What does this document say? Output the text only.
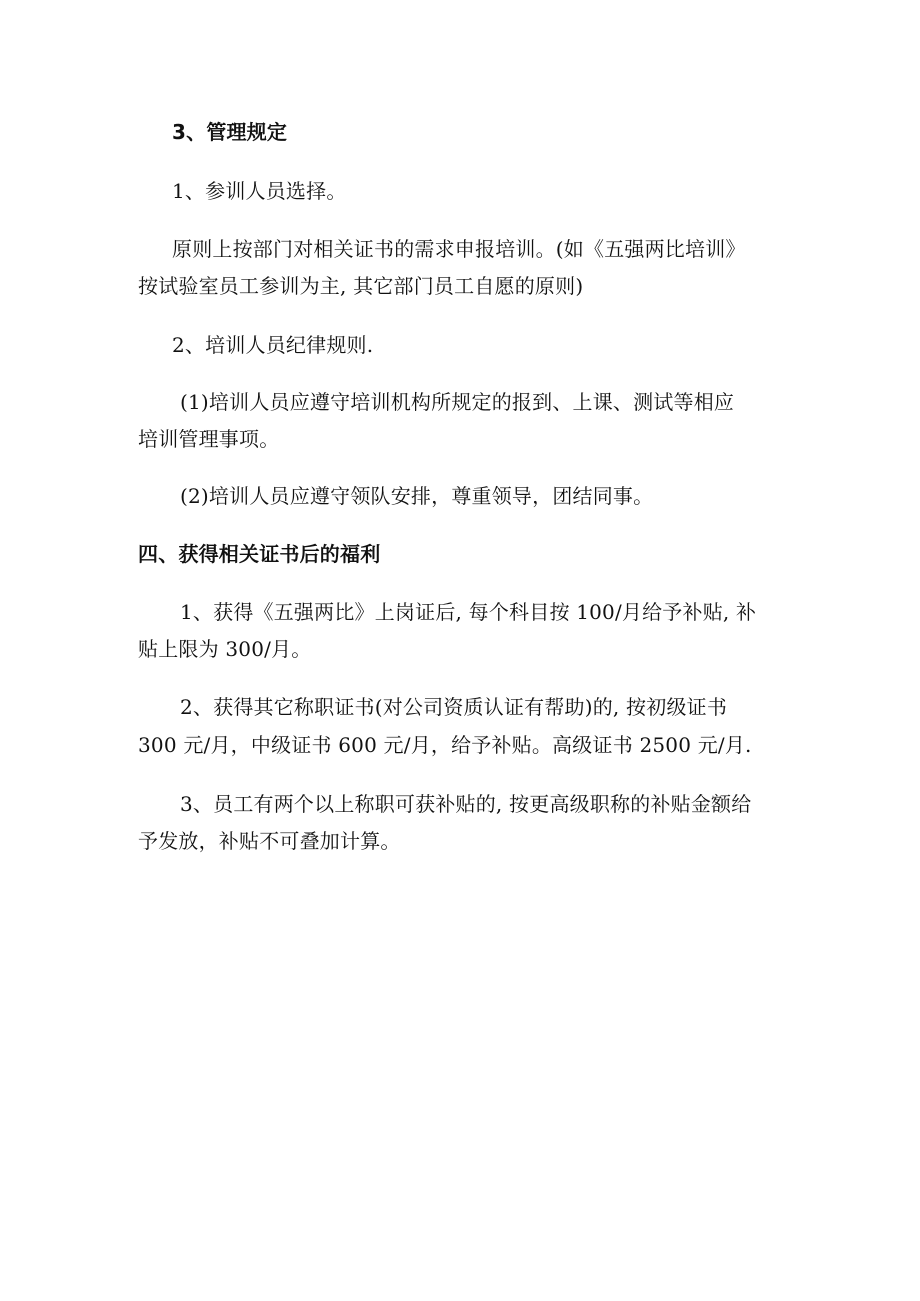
3、管理规定
1、参训人员选择。
原则上按部门对相关证书的需求申报培训。(如《五强两比培训》
按试验室员工参训为主, 其它部门员工自愿的原则)
2、培训人员纪律规则.
(1)培训人员应遵守培训机构所规定的报到、上课、测试等相应
培训管理事项。
(2)培训人员应遵守领队安排，尊重领导，团结同事。
四、获得相关证书后的福利
1、获得《五强两比》上岗证后, 每个科目按 100/月给予补贴, 补
贴上限为 300/月。
2、获得其它称职证书(对公司资质认证有帮助)的, 按初级证书
300 元/月，中级证书 600 元/月，给予补贴。高级证书 2500 元/月.
3、员工有两个以上称职可获补贴的, 按更高级职称的补贴金额给
予发放，补贴不可叠加计算。
